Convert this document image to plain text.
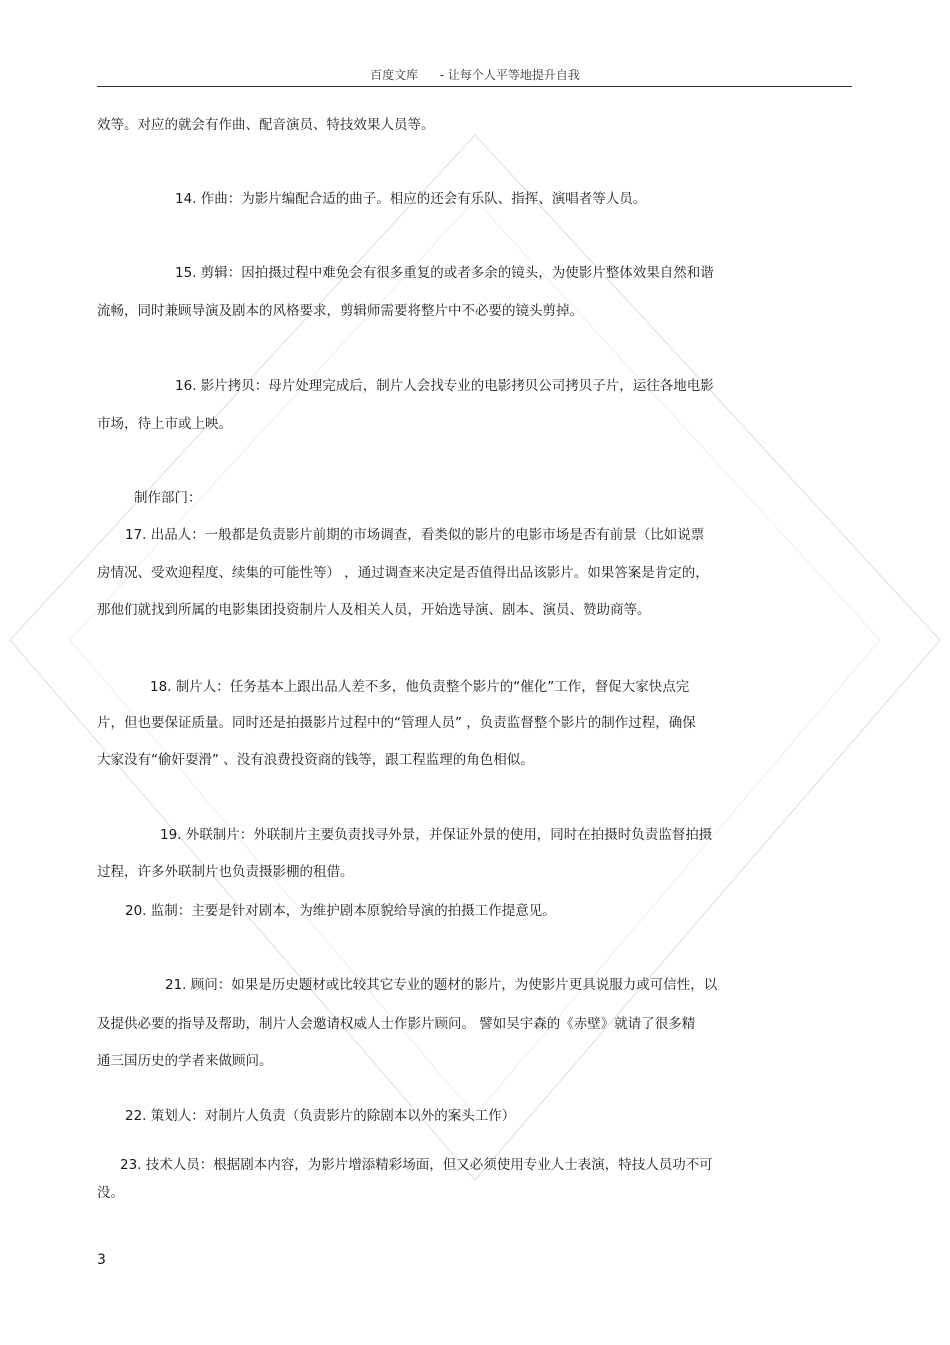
百度文库 - 让每个人平等地提升自我
效等。对应的就会有作曲、配音演员、特技效果人员等。
14. 作曲：为影片编配合适的曲子。相应的还会有乐队、指挥、演唱者等人员。
15. 剪辑：因拍摄过程中难免会有很多重复的或者多余的镜头，为使影片整体效果自然和谐
流畅，同时兼顾导演及剧本的风格要求，剪辑师需要将整片中不必要的镜头剪掉。
16. 影片拷贝：母片处理完成后，制片人会找专业的电影拷贝公司拷贝子片，运往各地电影
市场，待上市或上映。
制作部门：
17. 出品人：一般都是负责影片前期的市场调查，看类似的影片的电影市场是否有前景（比如说票
房情况、受欢迎程度、续集的可能性等） ，通过调查来决定是否值得出品该影片。如果答案是肯定的，
那他们就找到所属的电影集团投资制片人及相关人员，开始选导演、剧本、演员、赞助商等。
18. 制片人：任务基本上跟出品人差不多，他负责整个影片的“催化”工作，督促大家快点完
片，但也要保证质量。同时还是拍摄影片过程中的“管理人员” ，负责监督整个影片的制作过程，确保
大家没有“偷奸耍滑” 、没有浪费投资商的钱等，跟工程监理的角色相似。
19. 外联制片：外联制片主要负责找寻外景，并保证外景的使用，同时在拍摄时负责监督拍摄
过程，许多外联制片也负责摄影棚的租借。
20. 监制：主要是针对剧本，为维护剧本原貌给导演的拍摄工作提意见。
21. 顾问：如果是历史题材或比较其它专业的题材的影片，为使影片更具说服力或可信性，以
及提供必要的指导及帮助，制片人会邀请权威人士作影片顾问。 譬如吴宇森的《赤壁》就请了很多精
通三国历史的学者来做顾问。
22. 策划人：对制片人负责（负责影片的除剧本以外的案头工作）
23. 技术人员：根据剧本内容，为影片增添精彩场面，但又必须使用专业人士表演，特技人员功不可
没。
3
